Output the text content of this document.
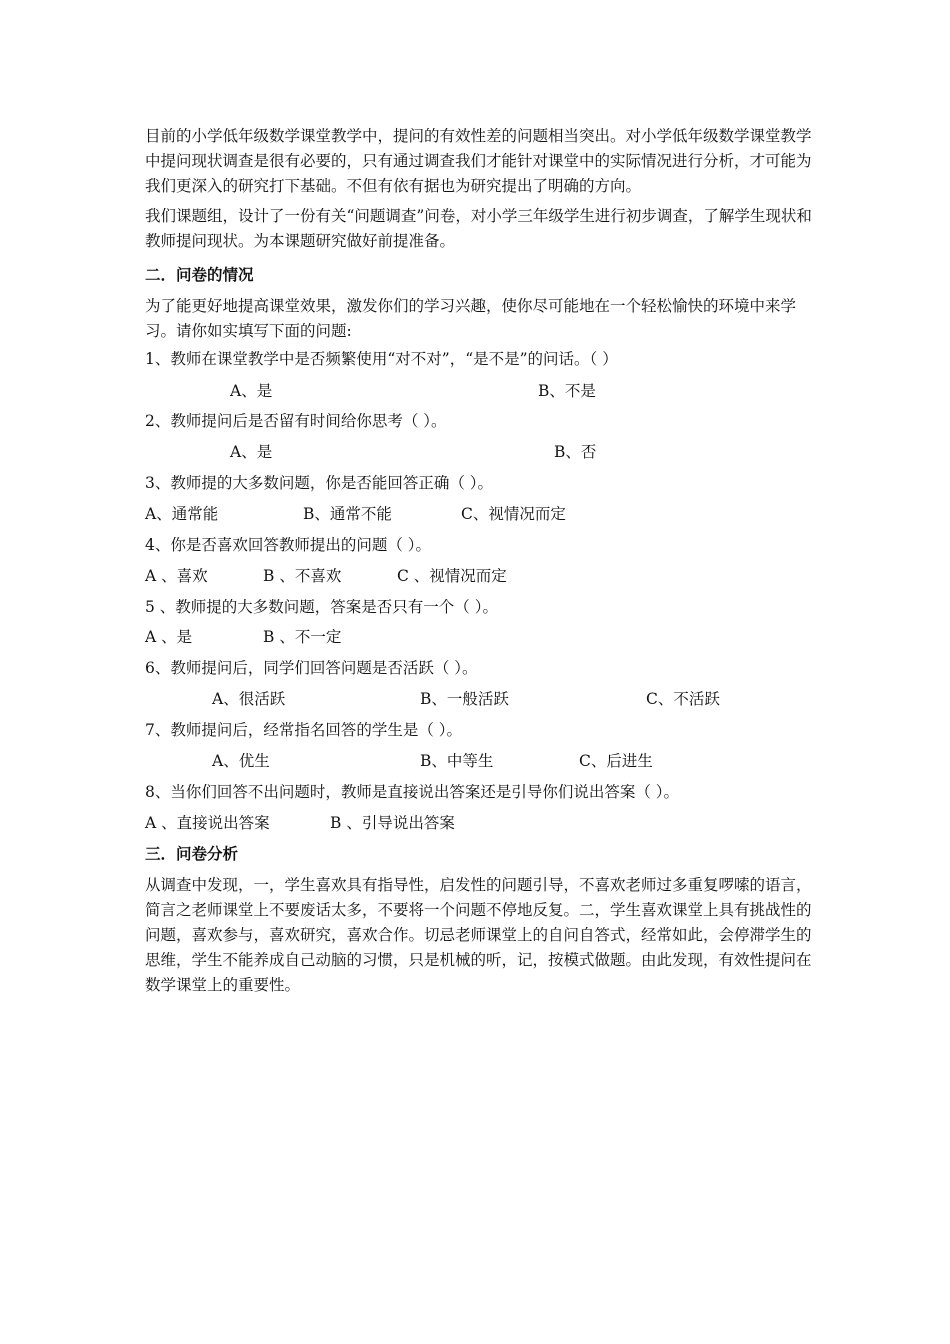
目前的小学低年级数学课堂教学中，提问的有效性差的问题相当突出。对小学低年级数学课堂教学中提问现状调查是很有必要的，只有通过调查我们才能针对课堂中的实际情况进行分析，才可能为我们更深入的研究打下基础。不但有依有据也为研究提出了明确的方向。

我们课题组，设计了一份有关“问题调查”问卷，对小学三年级学生进行初步调查，了解学生现状和教师提问现状。为本课题研究做好前提准备。

二．问卷的情况

为了能更好地提高课堂效果，激发你们的学习兴趣，使你尽可能地在一个轻松愉快的环境中来学习。请你如实填写下面的问题:

1、教师在课堂教学中是否频繁使用“对不对”，“是不是”的问话。（ ）
A、是	B、不是
2、教师提问后是否留有时间给你思考（ ）。
A、是	B、否
3、教师提的大多数问题，你是否能回答正确（ ）。
A、通常能	B、通常不能	C、视情况而定
4、你是否喜欢回答教师提出的问题（ ）。
A 、喜欢	B 、不喜欢	C 、视情况而定
5 、教师提的大多数问题，答案是否只有一个（ ）。
A 、是	B 、不一定
6、教师提问后，同学们回答问题是否活跃（ ）。
A、很活跃	B、一般活跃	C、不活跃
7、教师提问后，经常指名回答的学生是（ ）。
A、优生	B、中等生	C、后进生
8、当你们回答不出问题时，教师是直接说出答案还是引导你们说出答案（ ）。
A 、直接说出答案	B 、引导说出答案
三．问卷分析

从调查中发现，一，学生喜欢具有指导性，启发性的问题引导，不喜欢老师过多重复啰嗦的语言，简言之老师课堂上不要废话太多，不要将一个问题不停地反复。二，学生喜欢课堂上具有挑战性的问题，喜欢参与，喜欢研究，喜欢合作。切忌老师课堂上的自问自答式，经常如此，会停滞学生的思维，学生不能养成自己动脑的习惯，只是机械的听，记，按模式做题。由此发现，有效性提问在数学课堂上的重要性。
